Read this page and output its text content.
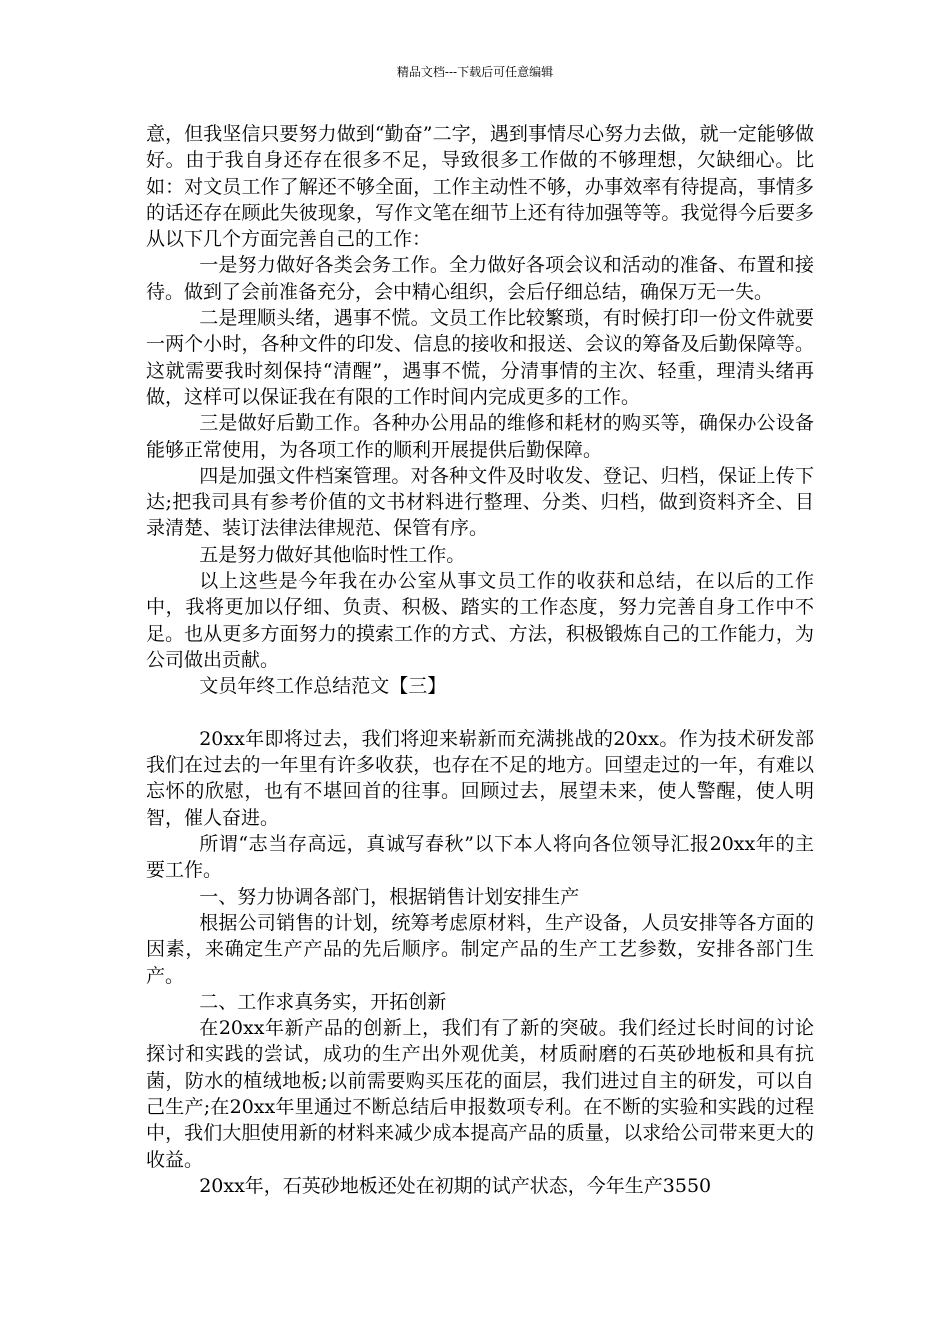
精品文档---下载后可任意编辑

意，但我坚信只要努力做到“勤奋”二字，遇到事情尽心努力去做，就一定能够做好。由于我自身还存在很多不足，导致很多工作做的不够理想，欠缺细心。比如：对文员工作了解还不够全面，工作主动性不够，办事效率有待提高，事情多的话还存在顾此失彼现象，写作文笔在细节上还有待加强等等。我觉得今后要多从以下几个方面完善自己的工作：

一是努力做好各类会务工作。全力做好各项会议和活动的准备、布置和接待。做到了会前准备充分，会中精心组织，会后仔细总结，确保万无一失。

二是理顺头绪，遇事不慌。文员工作比较繁琐，有时候打印一份文件就要一两个小时，各种文件的印发、信息的接收和报送、会议的筹备及后勤保障等。这就需要我时刻保持“清醒”，遇事不慌，分清事情的主次、轻重，理清头绪再做，这样可以保证我在有限的工作时间内完成更多的工作。

三是做好后勤工作。各种办公用品的维修和耗材的购买等，确保办公设备能够正常使用，为各项工作的顺利开展提供后勤保障。

四是加强文件档案管理。对各种文件及时收发、登记、归档，保证上传下达;把我司具有参考价值的文书材料进行整理、分类、归档，做到资料齐全、目录清楚、装订法律法律规范、保管有序。

五是努力做好其他临时性工作。

以上这些是今年我在办公室从事文员工作的收获和总结，在以后的工作中，我将更加以仔细、负责、积极、踏实的工作态度，努力完善自身工作中不足。也从更多方面努力的摸索工作的方式、方法，积极锻炼自己的工作能力，为公司做出贡献。

文员年终工作总结范文【三】

20xx年即将过去，我们将迎来崭新而充满挑战的20xx。作为技术研发部我们在过去的一年里有许多收获，也存在不足的地方。回望走过的一年，有难以忘怀的欣慰，也有不堪回首的往事。回顾过去，展望未来，使人警醒，使人明智，催人奋进。

所谓“志当存高远，真诚写春秋”以下本人将向各位领导汇报20xx年的主要工作。

一、努力协调各部门，根据销售计划安排生产

根据公司销售的计划，统筹考虑原材料，生产设备，人员安排等各方面的因素，来确定生产产品的先后顺序。制定产品的生产工艺参数，安排各部门生产。

二、工作求真务实，开拓创新

在20xx年新产品的创新上，我们有了新的突破。我们经过长时间的讨论探讨和实践的尝试，成功的生产出外观优美，材质耐磨的石英砂地板和具有抗菌，防水的植绒地板;以前需要购买压花的面层，我们进过自主的研发，可以自己生产;在20xx年里通过不断总结后申报数项专利。在不断的实验和实践的过程中，我们大胆使用新的材料来减少成本提高产品的质量，以求给公司带来更大的收益。

20xx年，石英砂地板还处在初期的试产状态，今年生产3550
